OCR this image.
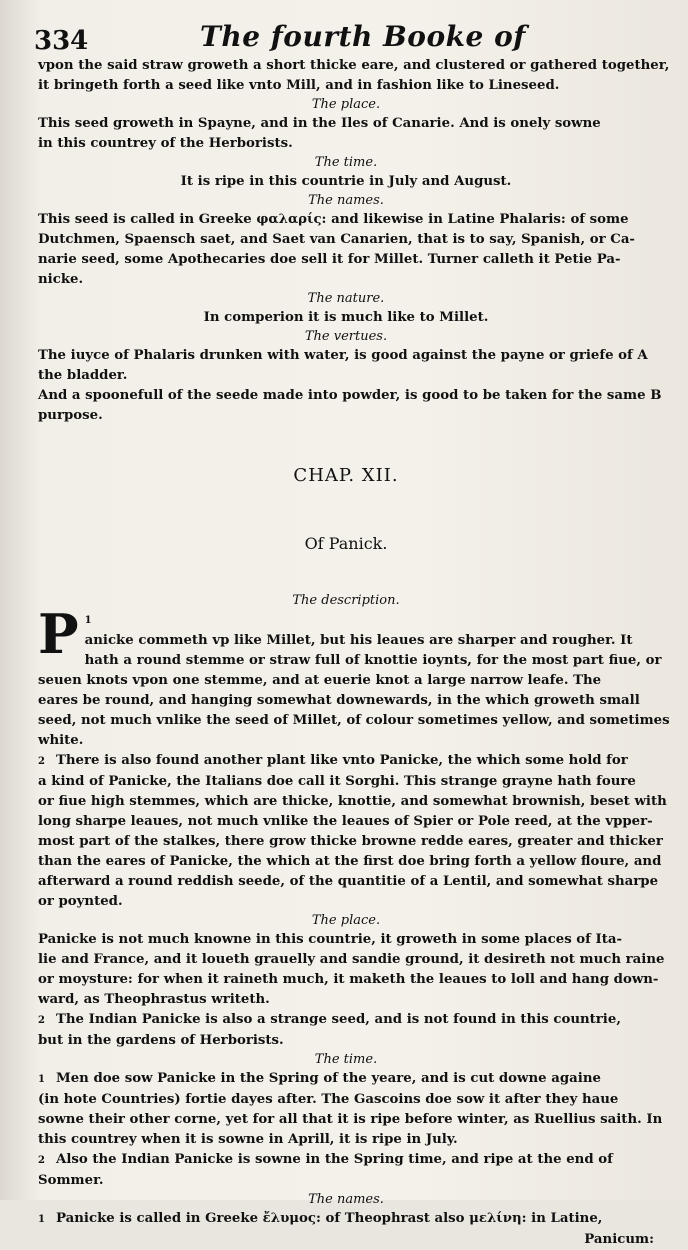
334	The fourth Booke of

vpon the said straw groweth a short thicke eare, and clustered or gathered together,
it bringeth forth a seed like vnto Mill, and in fashion like to Lineseed.

The place.

This seed groweth in Spayne, and in the Iles of Canarie. And is onely sowne
in this countrey of the Herborists.

The time.

It is ripe in this countrie in July and August.

The names.

This seed is called in Greeke φαλαρίς: and likewise in Latine Phalaris: of some
Dutchmen, Spaensch saet, and Saet van Canarien, that is to say, Spanish, or Ca-
narie seed, some Apothecaries doe sell it for Millet. Turner calleth it Petie Pa-
nicke.

The nature.

In comperion it is much like to Millet.

The vertues.

The iuyce of Phalaris drunken with water, is good against the payne or griefe of A
the bladder.
And a spoonefull of the seede made into powder, is good to be taken for the same B
purpose.

CHAP. XII.

Of Panick.

The description.

1
P anicke commeth vp like Millet, but his leaues are sharper and rougher. It
hath a round stemme or straw full of knottie ioynts, for the most part fiue, or
seuen knots vpon one stemme, and at euerie knot a large narrow leafe. The
eares be round, and hanging somewhat downewards, in the which groweth small
seed, not much vnlike the seed of Millet, of colour sometimes yellow, and sometimes
white.

2 There is also found another plant like vnto Panicke, the which some hold for
a kind of Panicke, the Italians doe call it Sorghi. This strange grayne hath foure
or fiue high stemmes, which are thicke, knottie, and somewhat brownish, beset with
long sharpe leaues, not much vnlike the leaues of Spier or Pole reed, at the vpper-
most part of the stalkes, there grow thicke browne redde eares, greater and thicker
than the eares of Panicke, the which at the first doe bring forth a yellow floure, and
afterward a round reddish seede, of the quantitie of a Lentil, and somewhat sharpe
or poynted.

The place.

Panicke is not much knowne in this countrie, it groweth in some places of Ita-
lie and France, and it loueth grauelly and sandie ground, it desireth not much raine
or moysture: for when it raineth much, it maketh the leaues to loll and hang down-
ward, as Theophrastus writeth.
2 The Indian Panicke is also a strange seed, and is not found in this countrie,
but in the gardens of Herborists.

The time.

1 Men doe sow Panicke in the Spring of the yeare, and is cut downe againe
(in hote Countries) fortie dayes after. The Gascoins doe sow it after they haue
sowne their other corne, yet for all that it is ripe before winter, as Ruellius saith. In
this countrey when it is sowne in Aprill, it is ripe in July.
2 Also the Indian Panicke is sowne in the Spring time, and ripe at the end of
Sommer.

The names.

1 Panicke is called in Greeke ἔλυμος: of Theophrast also μελίνη: in Latine,
Panicum:
